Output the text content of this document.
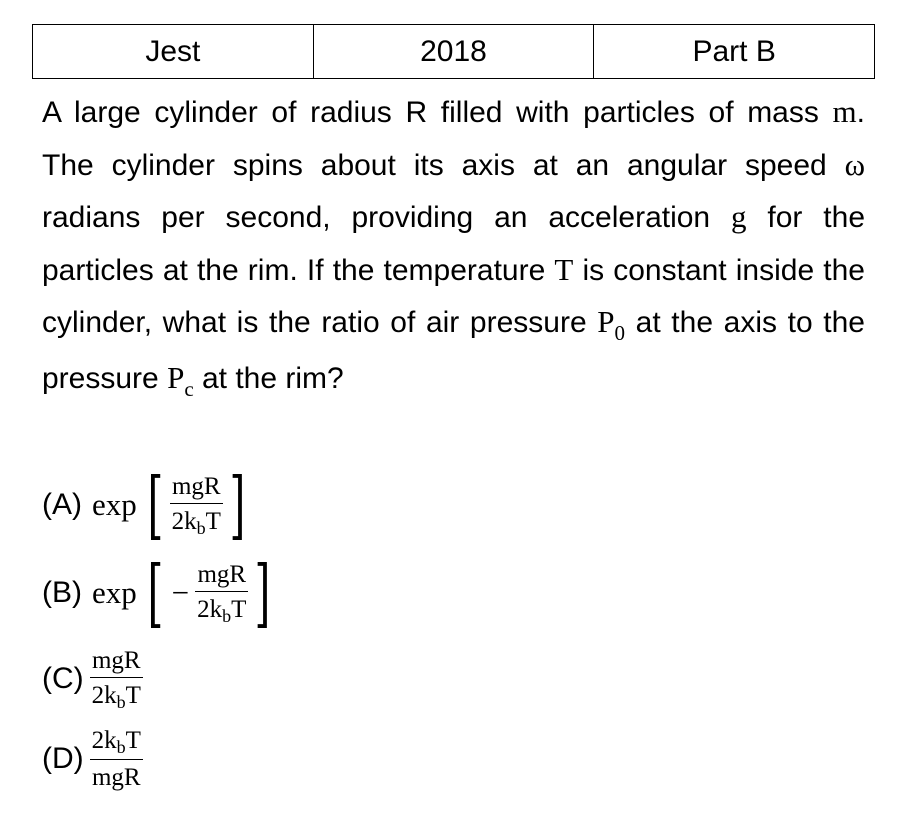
Jest	2018	Part B

A large cylinder of radius R filled with particles of mass m. The cylinder spins about its axis at an angular speed ω radians per second, providing an acceleration g for the particles at the rim. If the temperature T is constant inside the cylinder, what is the ratio of air pressure $P_0$ at the axis to the pressure $P_c$ at the rim?

(A) exp [ $\frac{\text{mgR}}{2k_bT}$ ]
(B) exp [ − $\frac{\text{mgR}}{2k_bT}$ ]
$(C) \frac{\text{mgR}}{2k_bT}$
$(D) \frac{2k_bT}{\text{mgR}}$
